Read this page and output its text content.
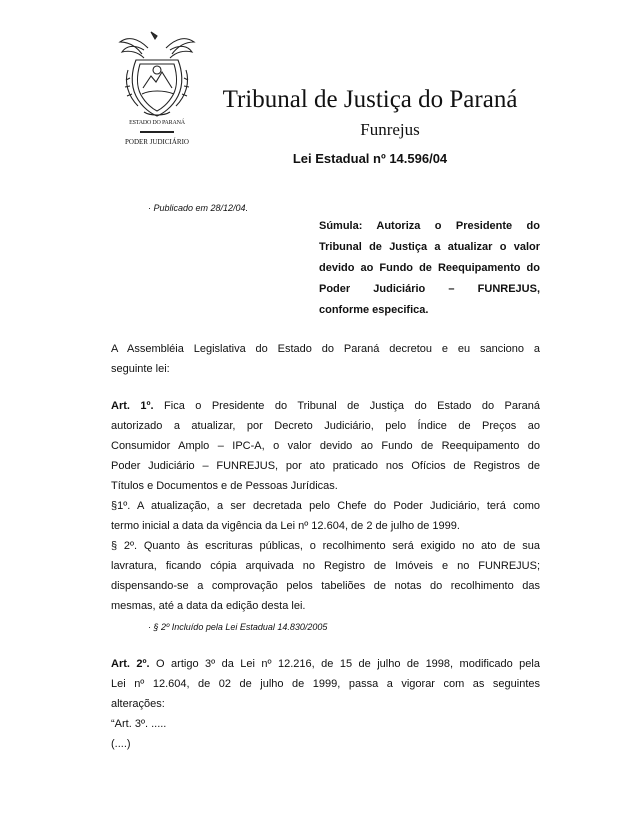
ESTADO DO PARANÁ
PODER JUDICIÁRIO
Tribunal de Justiça do Paraná
Funrejus
Lei Estadual nº 14.596/04
· Publicado em 28/12/04.
Súmula: Autoriza o Presidente do
Tribunal de Justiça a atualizar o valor
devido ao Fundo de Reequipamento do
Poder Judiciário – FUNREJUS,
conforme especifica.
A Assembléia Legislativa do Estado do Paraná decretou e eu sanciono a
seguinte lei:
Art. 1º. Fica o Presidente do Tribunal de Justiça do Estado do Paraná
autorizado a atualizar, por Decreto Judiciário, pelo Índice de Preços ao
Consumidor Amplo – IPC-A, o valor devido ao Fundo de Reequipamento do
Poder Judiciário – FUNREJUS, por ato praticado nos Ofícios de Registros de
Títulos e Documentos e de Pessoas Jurídicas.
§1º. A atualização, a ser decretada pelo Chefe do Poder Judiciário, terá como
termo inicial a data da vigência da Lei nº 12.604, de 2 de julho de 1999.
§ 2º. Quanto às escrituras públicas, o recolhimento será exigido no ato de sua
lavratura, ficando cópia arquivada no Registro de Imóveis e no FUNREJUS;
dispensando-se a comprovação pelos tabeliões de notas do recolhimento das
mesmas, até a data da edição desta lei.
· § 2º Incluído pela Lei Estadual 14.830/2005
Art. 2º. O artigo 3º da Lei nº 12.216, de 15 de julho de 1998, modificado pela
Lei nº 12.604, de 02 de julho de 1999, passa a vigorar com as seguintes
alterações:
“Art. 3º. .....
(....)
